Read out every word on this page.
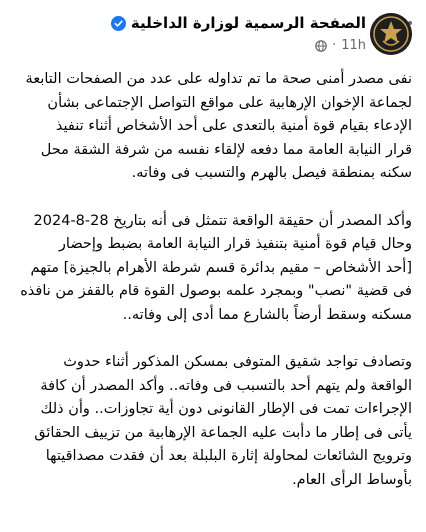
الصفحة الرسمية لوزارة الداخلية
11h
·

نفى مصدر أمنى صحة ما تم تداوله على عدد من الصفحات التابعة
لجماعة الإخوان الإرهابية على مواقع التواصل الإجتماعى بشأن
الإدعاء بقيام قوة أمنية بالتعدى على أحد الأشخاص أثناء تنفيذ
قرار النيابة العامة مما دفعه لإلقاء نفسه من شرفة الشقة محل
سكنه بمنطقة فيصل بالهرم والتسبب فى وفاته.

وأكد المصدر أن حقيقة الواقعة تتمثل فى أنه بتاريخ 28-8-2024
وحال قيام قوة أمنية بتنفيذ قرار النيابة العامة بضبط وإحضار
[أحد الأشخاص – مقيم بدائرة قسم شرطة الأهرام بالجيزة] متهم
فى قضية "نصب" وبمجرد علمه بوصول القوة قام بالقفز من نافذه
مسكنه وسقط أرضاً بالشارع مما أدى إلى وفاته..

وتصادف تواجد شقيق المتوفى بمسكن المذكور أثناء حدوث
الواقعة ولم يتهم أحد بالتسبب فى وفاته.. وأكد المصدر أن كافة
الإجراءات تمت فى الإطار القانونى دون أية تجاوزات.. وأن ذلك
يأتى فى إطار ما دأبت عليه الجماعة الإرهابية من تزييف الحقائق
وترويج الشائعات لمحاولة إثارة البلبلة بعد أن فقدت مصداقيتها
بأوساط الرأى العام.
